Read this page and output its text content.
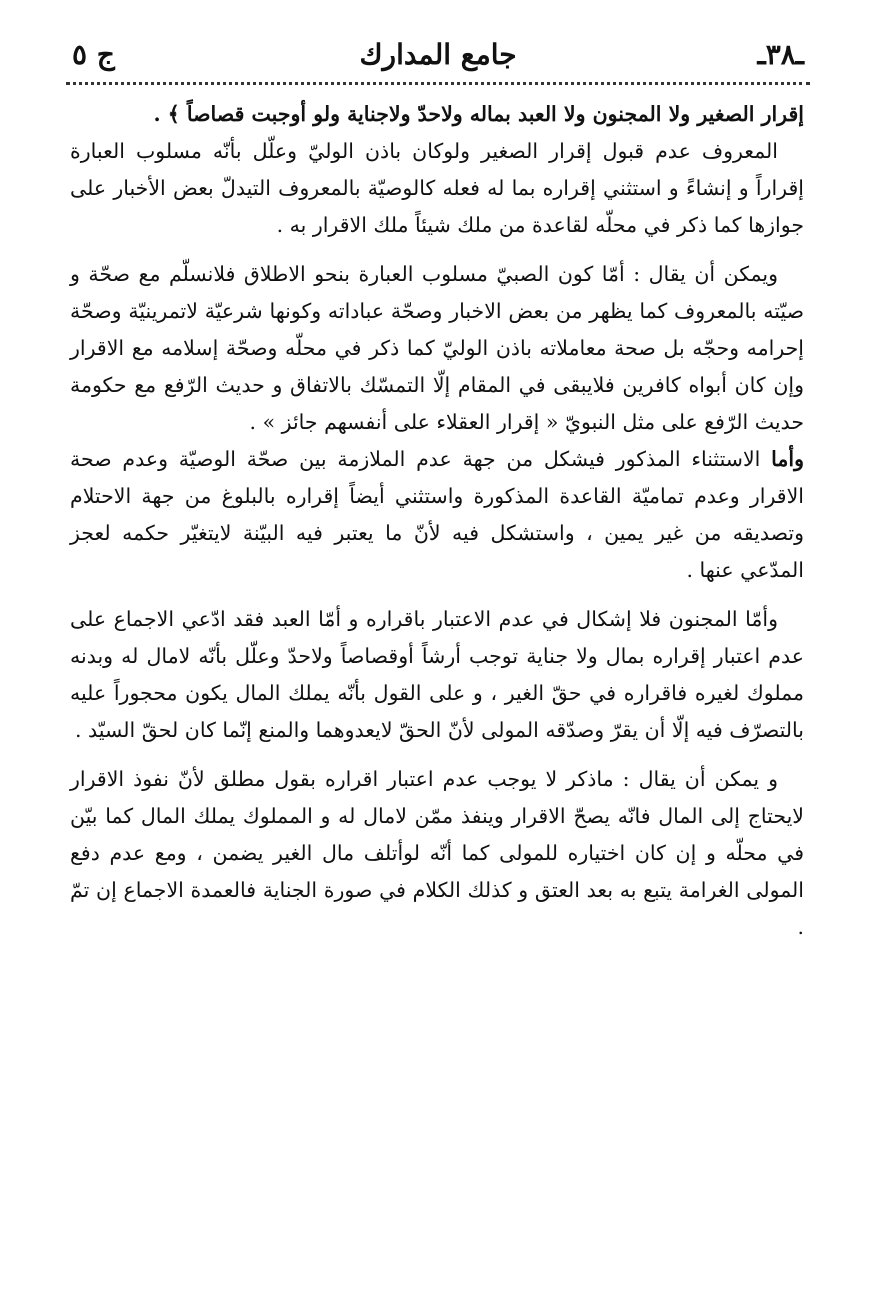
ـ٣٨ـ
جامع المدارك
ج ٥

إقرار الصغير ولا المجنون ولا العبد بماله ولاحدّ ولاجناية ولو أوجبت قصاصاً ﴾ .

المعروف عدم قبول إقرار الصغير ولوكان باذن الوليّ وعلّل بأنّه مسلوب العبارة إقراراً و إنشاءً و استثني إقراره بما له فعله كالوصيّة بالمعروف التيدلّ بعض الأخبار على جوازها كما ذكر في محلّه لقاعدة من ملك شيئاً ملك الاقرار به .

ويمكن أن يقال : أمّا كون الصبيّ مسلوب العبارة بنحو الاطلاق فلانسلّم مع صحّة و صيّته بالمعروف كما يظهر من بعض الاخبار وصحّة عباداته وكونها شرعيّة لاتمرينيّة وصحّة إحرامه وحجّه بل صحة معاملاته باذن الوليّ كما ذكر في محلّه وصحّة إسلامه مع الاقرار وإن كان أبواه كافرين فلايبقى في المقام إلّا التمسّك بالاتفاق و حديث الرّفع مع حكومة حديث الرّفع على مثل النبويّ « إقرار العقلاء على أنفسهم جائز » .

وأما الاستثناء المذكور فيشكل من جهة عدم الملازمة بين صحّة الوصيّة وعدم صحة الاقرار وعدم تماميّة القاعدة المذكورة واستثني أيضاً إقراره بالبلوغ من جهة الاحتلام وتصديقه من غير يمين ، واستشكل فيه لأنّ ما يعتبر فيه البيّنة لايتغيّر حكمه لعجز المدّعي عنها .

وأمّا المجنون فلا إشكال في عدم الاعتبار باقراره و أمّا العبد فقد ادّعي الاجماع على عدم اعتبار إقراره بمال ولا جناية توجب أرشاً أوقصاصاً ولاحدّ وعلّل بأنّه لامال له وبدنه مملوك لغيره فاقراره في حقّ الغير ، و على القول بأنّه يملك المال يكون محجوراً عليه بالتصرّف فيه إلّا أن يقرّ وصدّقه المولى لأنّ الحقّ لايعدوهما والمنع إنّما كان لحقّ السيّد .

و يمكن أن يقال : ماذكر لا يوجب عدم اعتبار اقراره بقول مطلق لأنّ نفوذ الاقرار لايحتاج إلى المال فانّه يصحّ الاقرار وينفذ ممّن لامال له و المملوك يملك المال كما بيّن في محلّه و إن كان اختياره للمولى كما أنّه لوأتلف مال الغير يضمن ، ومع عدم دفع المولى الغرامة يتبع به بعد العتق و كذلك الكلام في صورة الجناية فالعمدة الاجماع إن تمّ .
